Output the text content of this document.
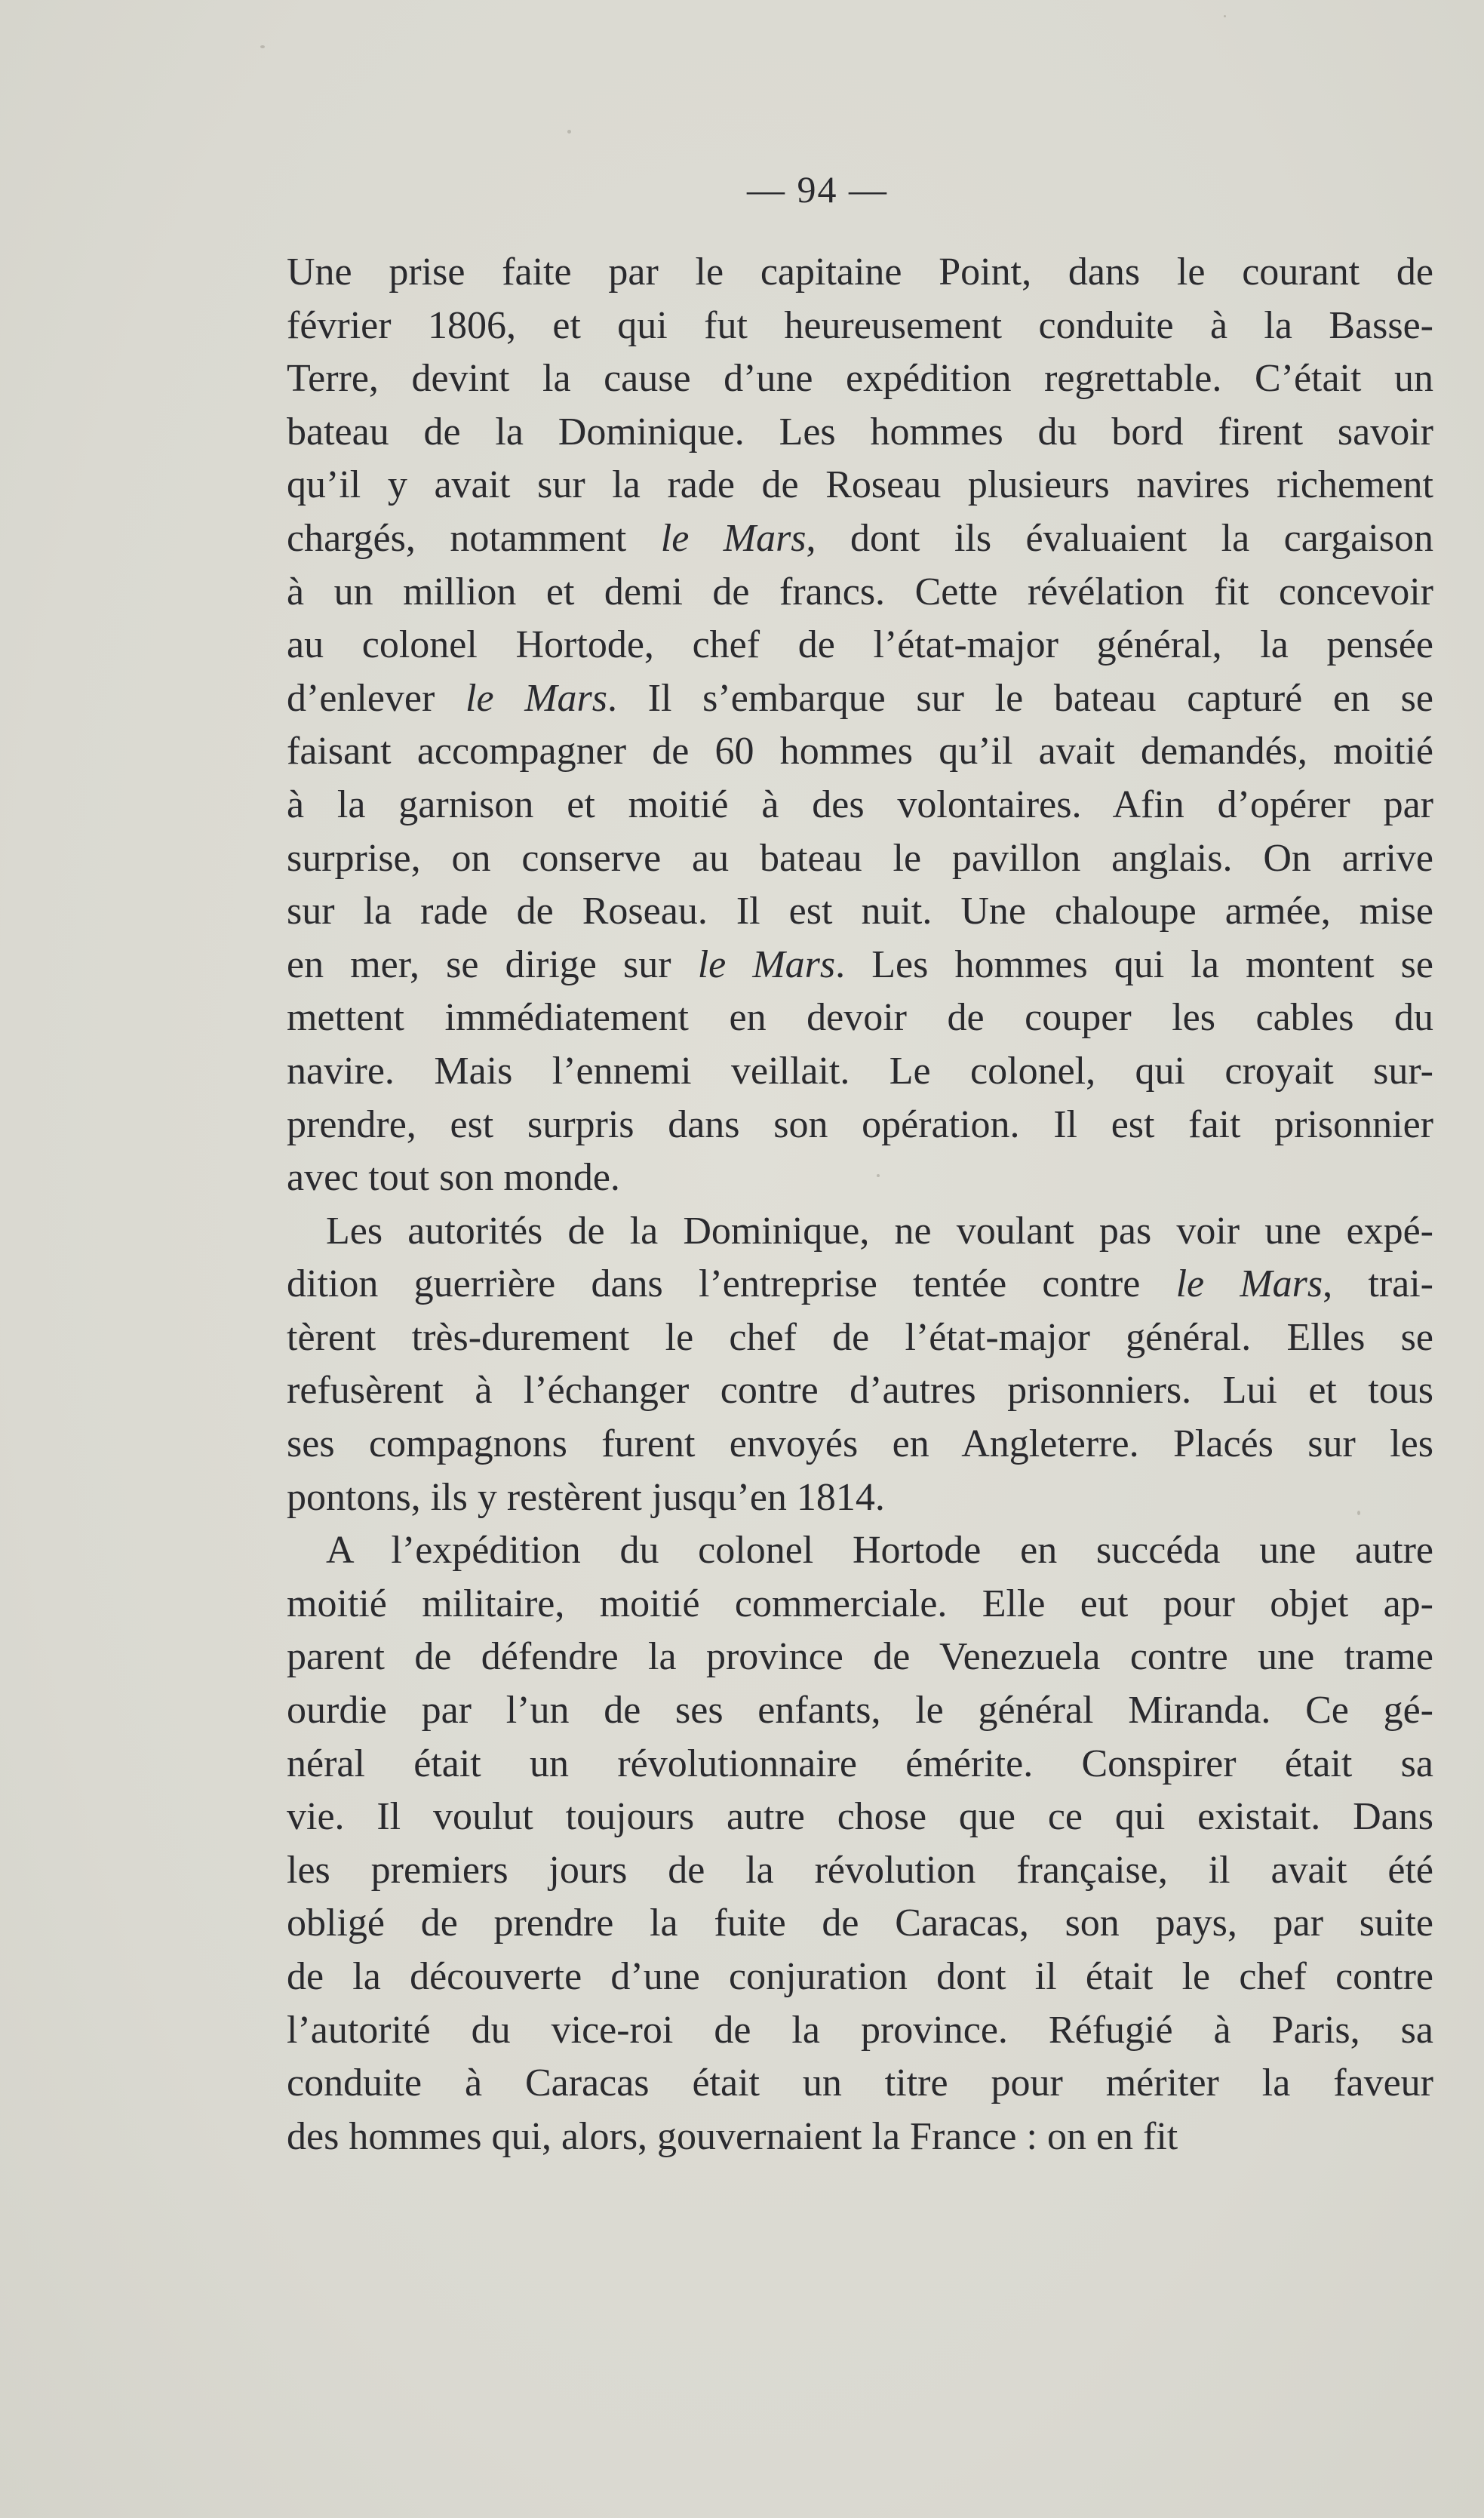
— 94 —
Une prise faite par le capitaine Point, dans le courant de
février 1806, et qui fut heureusement conduite à la Basse-
Terre, devint la cause d’une expédition regrettable. C’était un
bateau de la Dominique. Les hommes du bord firent savoir
qu’il y avait sur la rade de Roseau plusieurs navires richement
chargés, notamment le Mars, dont ils évaluaient la cargaison
à un million et demi de francs. Cette révélation fit concevoir
au colonel Hortode, chef de l’état-major général, la pensée
d’enlever le Mars. Il s’embarque sur le bateau capturé en se
faisant accompagner de 60 hommes qu’il avait demandés, moitié
à la garnison et moitié à des volontaires. Afin d’opérer par
surprise, on conserve au bateau le pavillon anglais. On arrive
sur la rade de Roseau. Il est nuit. Une chaloupe armée, mise
en mer, se dirige sur le Mars. Les hommes qui la montent se
mettent immédiatement en devoir de couper les cables du
navire. Mais l’ennemi veillait. Le colonel, qui croyait sur-
prendre, est surpris dans son opération. Il est fait prisonnier
avec tout son monde.
Les autorités de la Dominique, ne voulant pas voir une expé-
dition guerrière dans l’entreprise tentée contre le Mars, trai-
tèrent très-durement le chef de l’état-major général. Elles se
refusèrent à l’échanger contre d’autres prisonniers. Lui et tous
ses compagnons furent envoyés en Angleterre. Placés sur les
pontons, ils y restèrent jusqu’en 1814.
A l’expédition du colonel Hortode en succéda une autre
moitié militaire, moitié commerciale. Elle eut pour objet ap-
parent de défendre la province de Venezuela contre une trame
ourdie par l’un de ses enfants, le général Miranda. Ce gé-
néral était un révolutionnaire émérite. Conspirer était sa
vie. Il voulut toujours autre chose que ce qui existait. Dans
les premiers jours de la révolution française, il avait été
obligé de prendre la fuite de Caracas, son pays, par suite
de la découverte d’une conjuration dont il était le chef contre
l’autorité du vice-roi de la province. Réfugié à Paris, sa
conduite à Caracas était un titre pour mériter la faveur
des hommes qui, alors, gouvernaient la France : on en fit
